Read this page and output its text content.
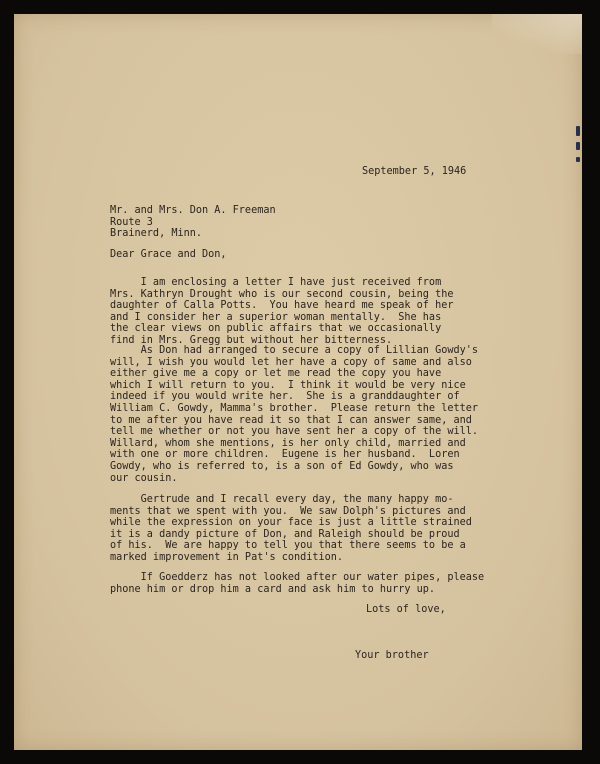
September 5, 1946

Mr. and Mrs. Don A. Freeman
Route 3
Brainerd, Minn.

Dear Grace and Don,

I am enclosing a letter I have just received from
Mrs. Kathryn Drought who is our second cousin, being the
daughter of Calla Potts.  You have heard me speak of her
and I consider her a superior woman mentally.  She has
the clear views on public affairs that we occasionally
find in Mrs. Gregg but without her bitterness.
As Don had arranged to secure a copy of Lillian Gowdy's
will, I wish you would let her have a copy of same and also
either give me a copy or let me read the copy you have
which I will return to you.  I think it would be very nice
indeed if you would write her.  She is a granddaughter of
William C. Gowdy, Mamma's brother.  Please return the letter
to me after you have read it so that I can answer same, and
tell me whether or not you have sent her a copy of the will.
Willard, whom she mentions, is her only child, married and
with one or more children.  Eugene is her husband.  Loren
Gowdy, who is referred to, is a son of Ed Gowdy, who was
our cousin.
Gertrude and I recall every day, the many happy mo-
ments that we spent with you.  We saw Dolph's pictures and
while the expression on your face is just a little strained
it is a dandy picture of Don, and Raleigh should be proud
of his.  We are happy to tell you that there seems to be a
marked improvement in Pat's condition.
If Goedderz has not looked after our water pipes, please
phone him or drop him a card and ask him to hurry up.

Lots of love,

Your brother
